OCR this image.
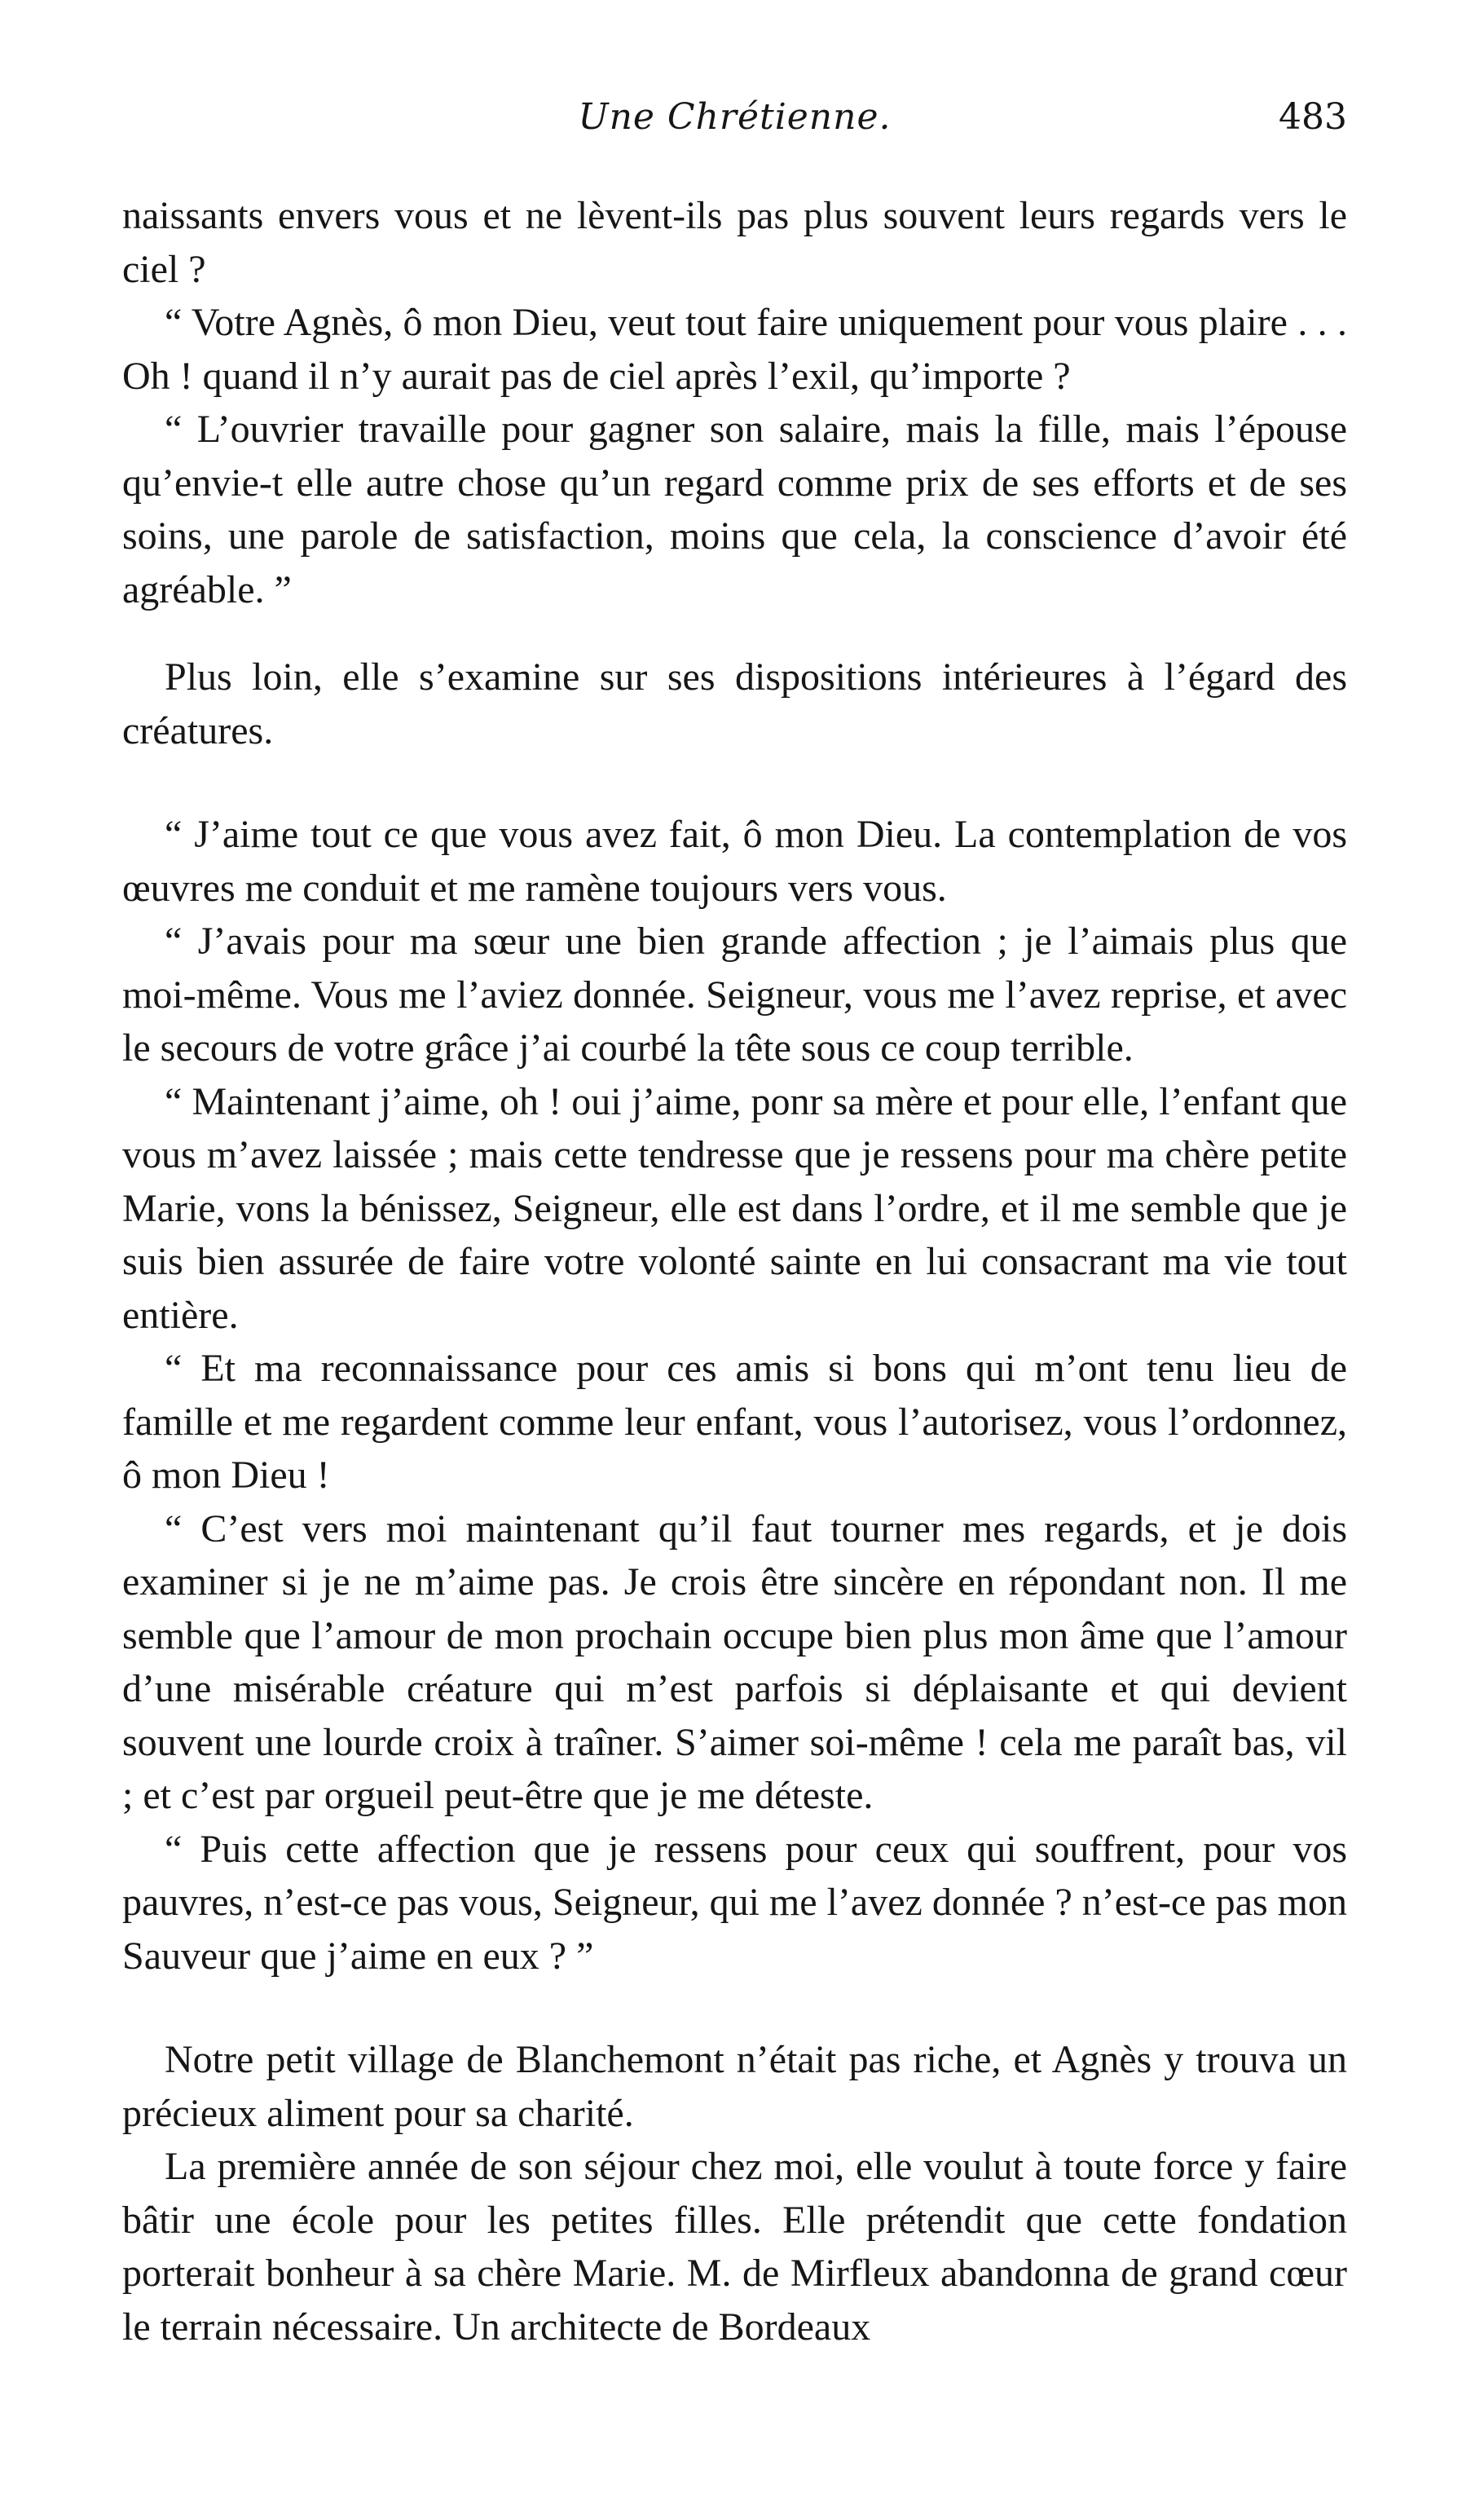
Une Chrétienne.	483

naissants envers vous et ne lèvent-ils pas plus souvent leurs regards vers le ciel ?

“ Votre Agnès, ô mon Dieu, veut tout faire uniquement pour vous plaire . . . Oh ! quand il n’y aurait pas de ciel après l’exil, qu’importe ?

“ L’ouvrier travaille pour gagner son salaire, mais la fille, mais l’épouse qu’envie-t elle autre chose qu’un regard comme prix de ses efforts et de ses soins, une parole de satisfaction, moins que cela, la conscience d’avoir été agréable. ”

Plus loin, elle s’examine sur ses dispositions intérieures à l’égard des créatures.

“ J’aime tout ce que vous avez fait, ô mon Dieu. La contemplation de vos œuvres me conduit et me ramène toujours vers vous.

“ J’avais pour ma sœur une bien grande affection ; je l’aimais plus que moi-même. Vous me l’aviez donnée. Seigneur, vous me l’avez reprise, et avec le secours de votre grâce j’ai courbé la tête sous ce coup terrible.

“ Maintenant j’aime, oh ! oui j’aime, ponr sa mère et pour elle, l’enfant que vous m’avez laissée ; mais cette tendresse que je ressens pour ma chère petite Marie, vons la bénissez, Seigneur, elle est dans l’ordre, et il me semble que je suis bien assurée de faire votre volonté sainte en lui consacrant ma vie tout entière.

“ Et ma reconnaissance pour ces amis si bons qui m’ont tenu lieu de famille et me regardent comme leur enfant, vous l’autorisez, vous l’ordonnez, ô mon Dieu !

“ C’est vers moi maintenant qu’il faut tourner mes regards, et je dois examiner si je ne m’aime pas. Je crois être sincère en répondant non. Il me semble que l’amour de mon prochain occupe bien plus mon âme que l’amour d’une misérable créature qui m’est parfois si déplaisante et qui devient souvent une lourde croix à traîner. S’aimer soi-même ! cela me paraît bas, vil ; et c’est par orgueil peut-être que je me déteste.

“ Puis cette affection que je ressens pour ceux qui souffrent, pour vos pauvres, n’est-ce pas vous, Seigneur, qui me l’avez donnée ? n’est-ce pas mon Sauveur que j’aime en eux ? ”

Notre petit village de Blanchemont n’était pas riche, et Agnès y trouva un précieux aliment pour sa charité.

La première année de son séjour chez moi, elle voulut à toute force y faire bâtir une école pour les petites filles. Elle prétendit que cette fondation porterait bonheur à sa chère Marie. M. de Mirfleux abandonna de grand cœur le terrain nécessaire. Un architecte de Bordeaux
